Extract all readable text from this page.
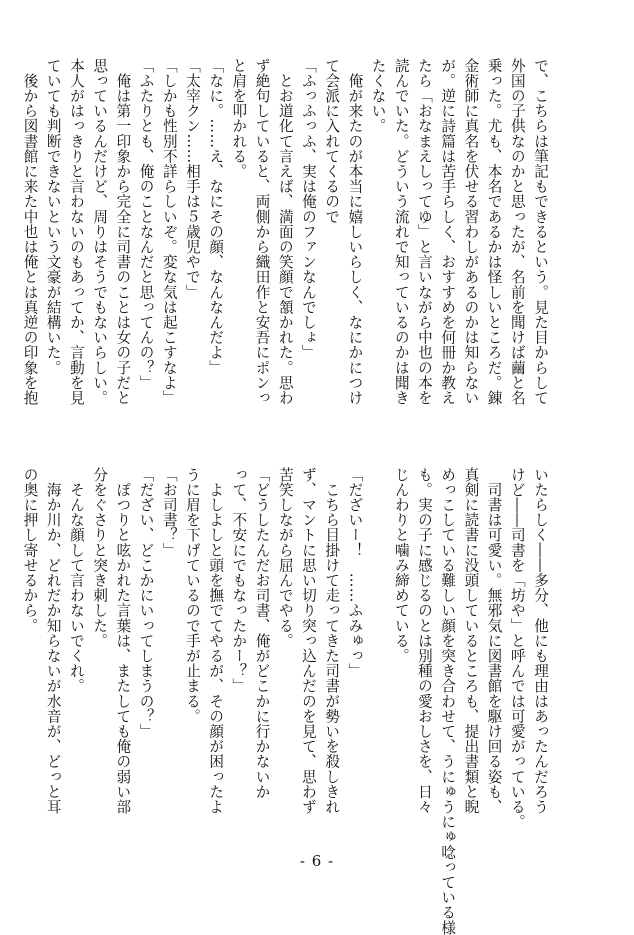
で、こちらは筆記もできるという。見た目からして
外国の子供なのかと思ったが、名前を聞けば繭と名
乗った。尤も、本名であるかは怪しいところだ。錬
金術師に真名を伏せる習わしがあるのかは知らない
が。逆に詩篇は苦手らしく、おすすめを何冊か教え
たら「おなまえしってゆ」と言いながら中也の本を
読んでいた。どういう流れで知っているのかは聞き
たくない。
　俺が来たのが本当に嬉しいらしく、なにかにつけ
て会派に入れてくるので
「ふっふっふ、実は俺のファンなんでしょ」
　とお道化て言えば、満面の笑顔で頷かれた。思わ
ず絶句していると、両側から織田作と安吾にポンっ
と肩を叩かれる。
「なに。……え、なにその顔、なんなんだよ」
「太宰クン……相手は５歳児やで」
「しかも性別不詳らしいぞ。変な気は起こすなよ」
「ふたりとも、俺のことなんだと思ってんの？」
　俺は第一印象から完全に司書のことは女の子だと
思っているんだけど、周りはそうでもないらしい。
本人がはっきりと言わないのもあってか、言動を見
ていても判断できないという文豪が結構いた。
　後から図書館に来た中也は俺とは真逆の印象を抱
いたらしく――多分、他にも理由はあったんだろう
けど――司書を「坊や」と呼んでは可愛がっている。
　司書は可愛い。無邪気に図書館を駆け回る姿も、
真剣に読書に没頭しているところも、提出書類と睨
めっこしている難しい顔を突き合わせて、うにゅうにゅ唸っている様
も。実の子に感じるのとは別種の愛おしさを、日々
じんわりと噛み締めている。

「だざいー！　……ふみゅっ」
　こちら目掛けて走ってきた司書が勢いを殺しきれ
ず、マントに思い切り突っ込んだのを見て、思わず
苦笑しながら屈んでやる。
「どうしたんだお司書、俺がどこかに行かないか
って、不安にでもなったかー？」
　よしよしと頭を撫でてやるが、その顔が困ったよ
うに眉を下げているので手が止まる。
「お司書？」
「だざい、どこかにいってしまうの？」
　ぽつりと呟かれた言葉は、またしても俺の弱い部
分をぐさりと突き刺した。
　そんな顔して言わないでくれ。
　海か川か、どれだか知らないが水音が、どっと耳
の奥に押し寄せるから。
- 6 -
